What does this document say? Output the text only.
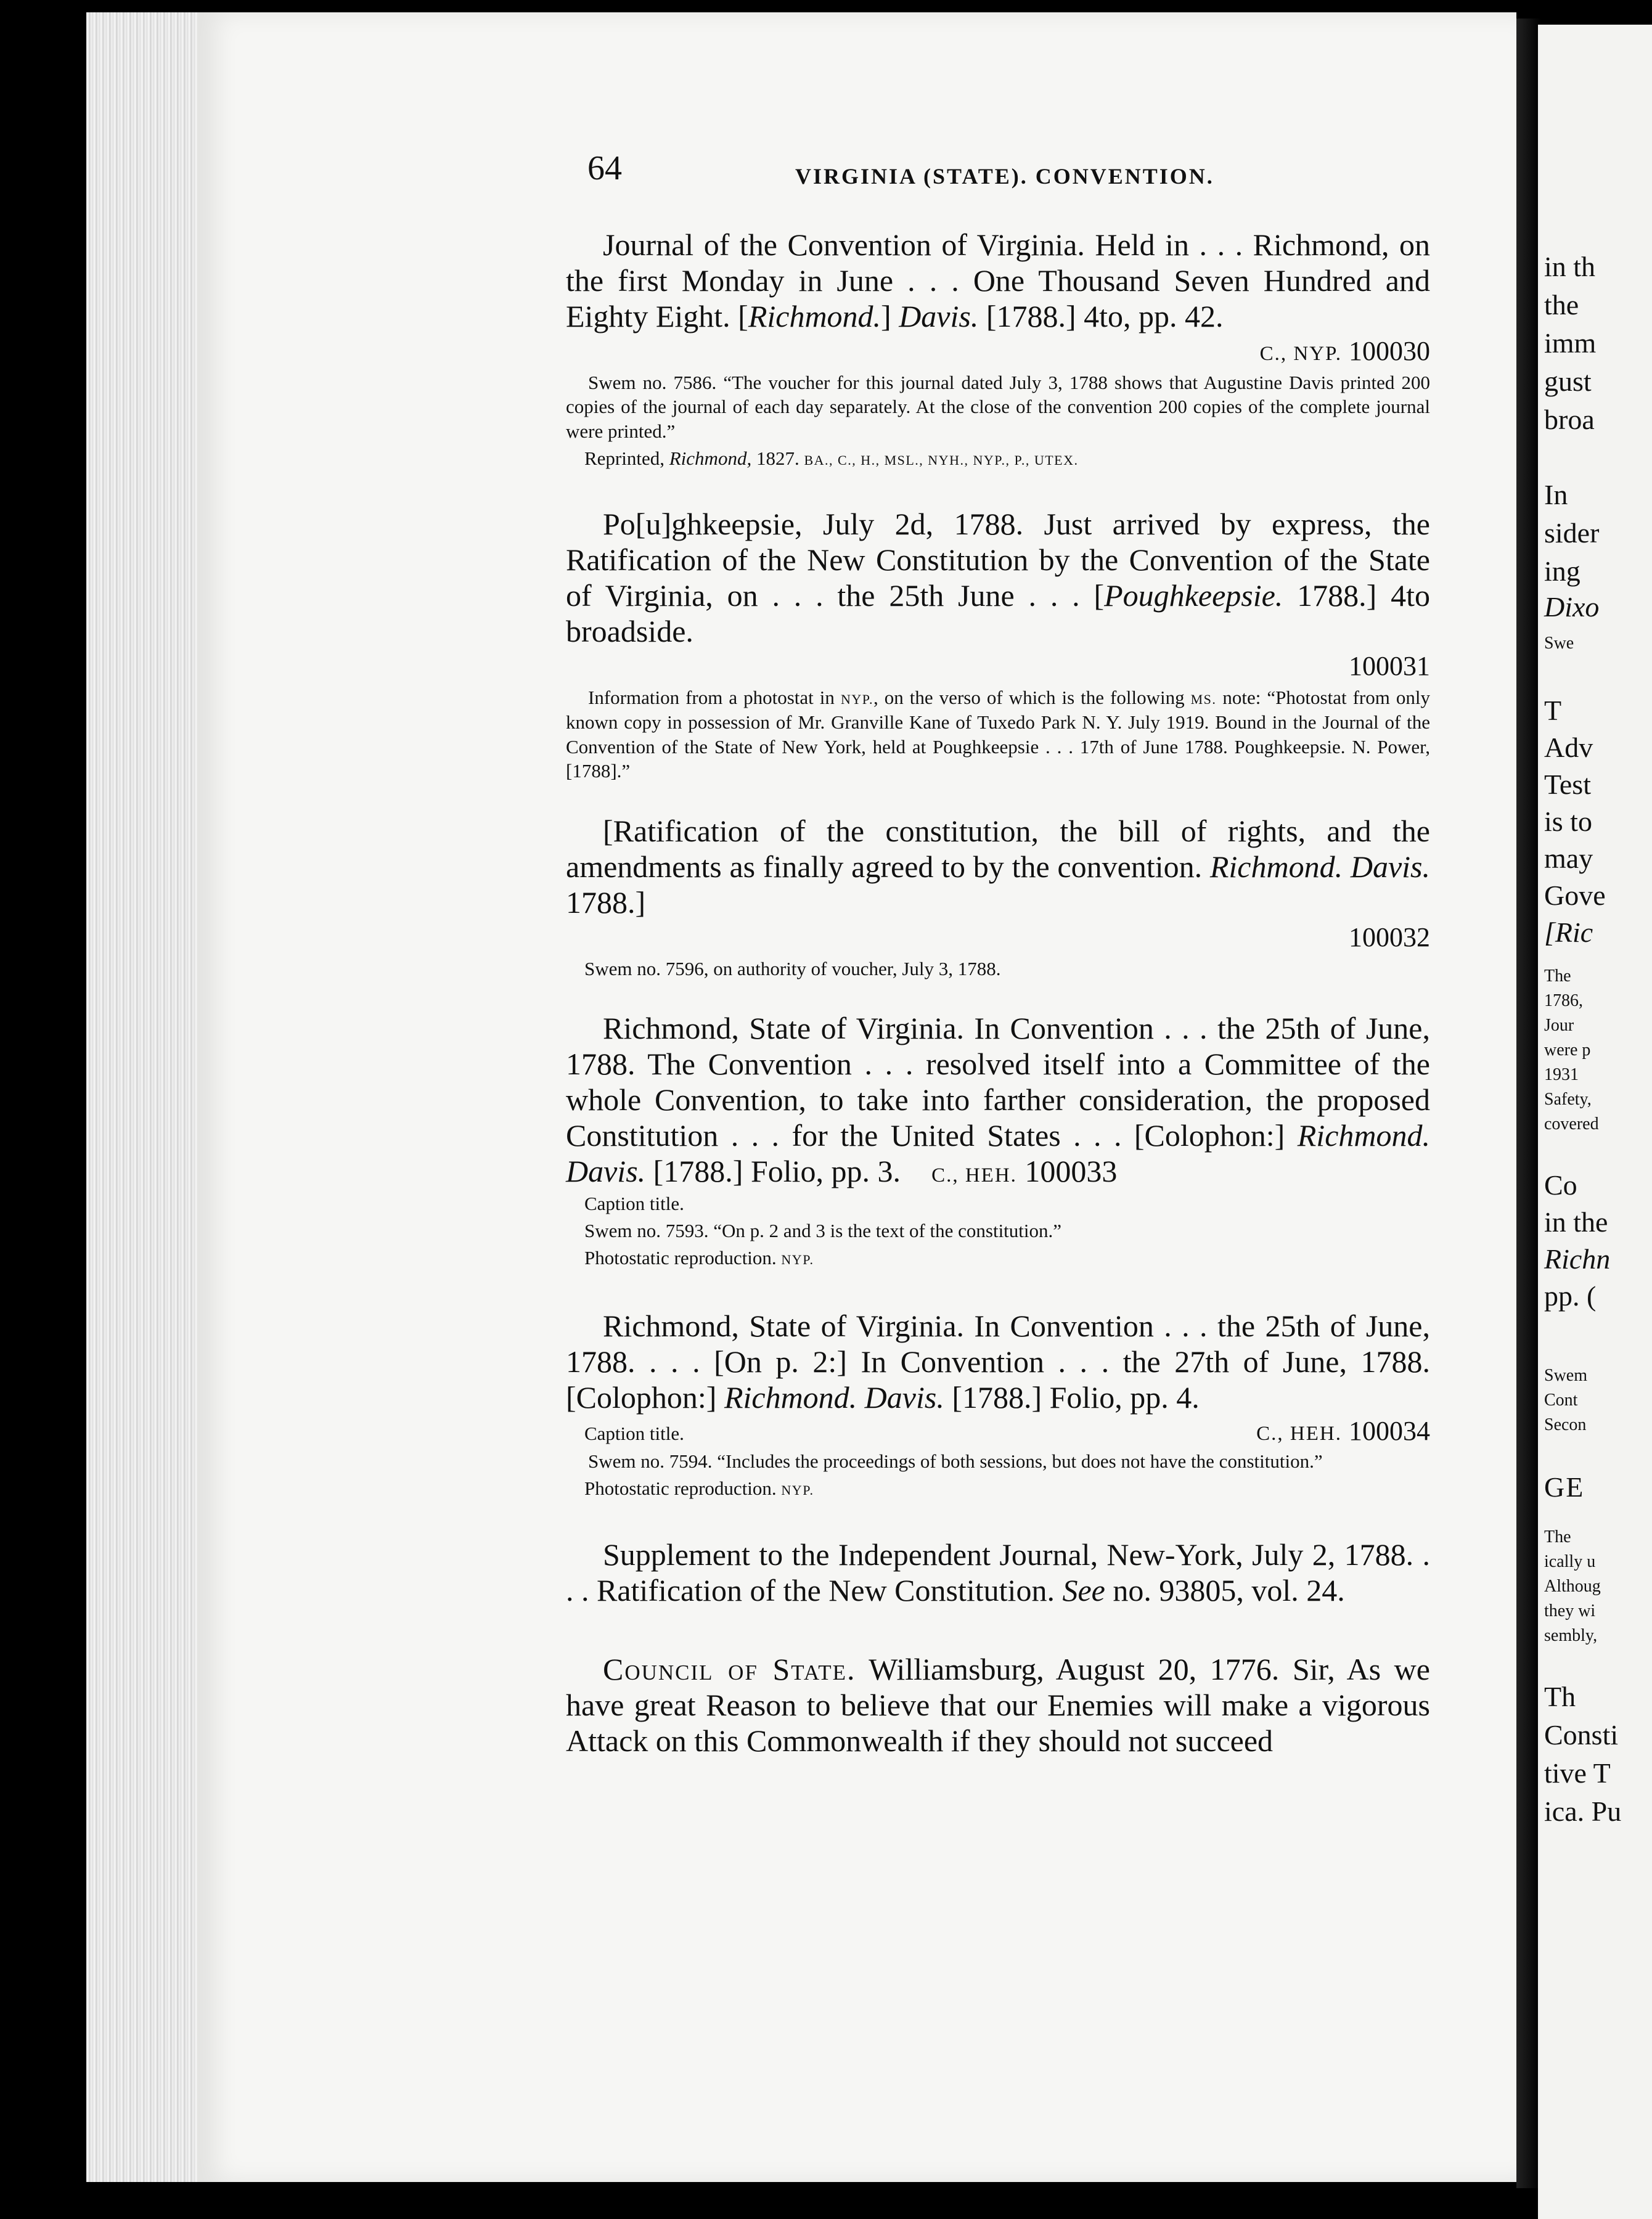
64	VIRGINIA (STATE). CONVENTION.

Journal of the Convention of Virginia. Held in . . . Richmond, on the first Monday in June . . . One Thousand Seven Hundred and Eighty Eight. [Richmond.] Davis. [1788.] 4to, pp. 42.

C., NYP. 100030

Swem no. 7586. “The voucher for this journal dated July 3, 1788 shows that Augustine Davis printed 200 copies of the journal of each day separately. At the close of the convention 200 copies of the complete journal were printed.”

Reprinted, Richmond, 1827. BA., C., H., MSL., NYH., NYP., P., UTEX.

Po[u]ghkeepsie, July 2d, 1788. Just arrived by express, the Ratification of the New Constitution by the Convention of the State of Virginia, on . . . the 25th June . . . [Poughkeepsie. 1788.] 4to broadside.

100031

Information from a photostat in NYP., on the verso of which is the following MS. note: “Photostat from only known copy in possession of Mr. Granville Kane of Tuxedo Park N. Y. July 1919. Bound in the Journal of the Convention of the State of New York, held at Poughkeepsie . . . 17th of June 1788. Poughkeepsie. N. Power, [1788].”

[Ratification of the constitution, the bill of rights, and the amendments as finally agreed to by the convention. Richmond. Davis. 1788.]

100032
Swem no. 7596, on authority of voucher, July 3, 1788.

Richmond, State of Virginia. In Convention . . . the 25th of June, 1788. The Convention . . . resolved itself into a Committee of the whole Convention, to take into farther consideration, the proposed Constitution . . . for the United States . . . [Colophon:] Richmond. Davis. [1788.] Folio, pp. 3.    C., HEH. 100033

Caption title.
Swem no. 7593. “On p. 2 and 3 is the text of the constitution.”
Photostatic reproduction. NYP.

Richmond, State of Virginia. In Convention . . . the 25th of June, 1788. . . . [On p. 2:] In Convention . . . the 27th of June, 1788. [Colophon:] Richmond. Davis. [1788.] Folio, pp. 4.

Caption title.	C., HEH. 100034

Swem no. 7594. “Includes the proceedings of both sessions, but does not have the constitution.”

Photostatic reproduction. NYP.

Supplement to the Independent Journal, New-York, July 2, 1788. . . . Ratification of the New Constitution. See no. 93805, vol. 24.

Council of State. Williamsburg, August 20, 1776. Sir, As we have great Reason to believe that our Enemies will make a vigorous Attack on this Commonwealth if they should not succeed

in th
the
imm
gust
broa
In
sider
ing
Dixo
Swe
T
Adv
Test
is to
may
Gove
[Ric
The
1786,
Jour
were p
1931
Safety,
covered
Co
in the
Richn
pp. (
Swem
Cont
Secon
GE
The
ically u
Althoug
they wi
sembly,
Th
Consti
tive T
ica. Pu
